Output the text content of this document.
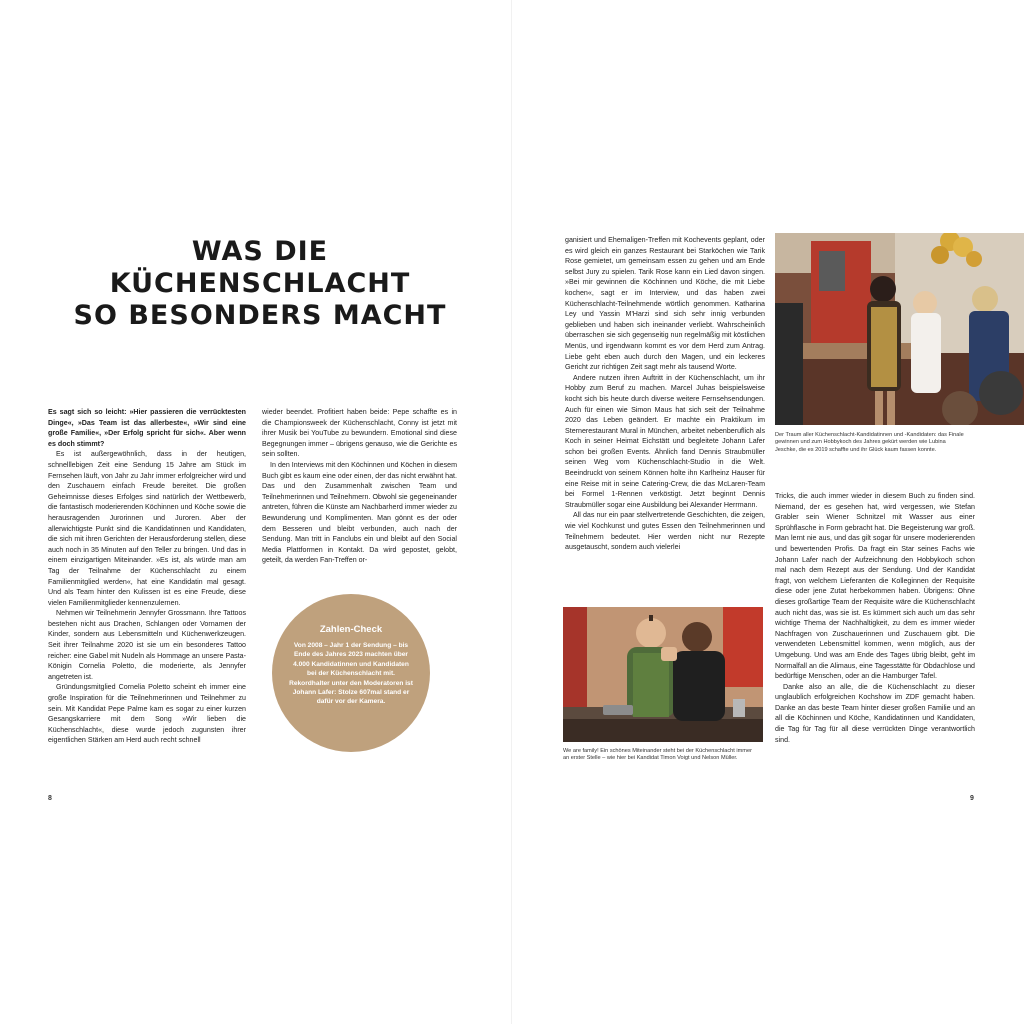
WAS DIE
KÜCHENSCHLACHT
SO BESONDERS MACHT

Es sagt sich so leicht: »Hier passieren die verrücktesten Dinge«, »Das Team ist das allerbeste«, »Wir sind eine große Familie«, »Der Erfolg spricht für sich«. Aber wenn es doch stimmt?

Es ist außergewöhnlich, dass in der heutigen, schnelllebigen Zeit eine Sendung 15 Jahre am Stück im Fernsehen läuft, von Jahr zu Jahr immer erfolgreicher wird und den Zuschauern einfach Freude bereitet. Die großen Geheimnisse dieses Erfolges sind natürlich der Wettbewerb, die fantastisch moderierenden Köchinnen und Köche sowie die herausragenden Jurorinnen und Juroren. Aber der allerwichtigste Punkt sind die Kandidatinnen und Kandidaten, die sich mit ihren Gerichten der Herausforderung stellen, diese auch noch in 35 Minuten auf den Teller zu bringen. Und das in einem einzigartigen Miteinander. »Es ist, als würde man am Tag der Teilnahme der Küchenschlacht zu einem Familienmitglied werden«, hat eine Kandidatin mal gesagt. Und als Team hinter den Kulissen ist es eine Freude, diese vielen Familienmitglieder kennenzulernen.

Nehmen wir Teilnehmerin Jennyfer Grossmann. Ihre Tattoos bestehen nicht aus Drachen, Schlangen oder Vornamen der Kinder, sondern aus Lebensmitteln und Küchenwerkzeugen. Seit ihrer Teilnahme 2020 ist sie um ein besonderes Tattoo reicher: eine Gabel mit Nudeln als Hommage an unsere Pasta-Königin Cornelia Poletto, die moderierte, als Jennyfer angetreten ist.

Gründungsmitglied Cornelia Poletto scheint eh immer eine große Inspiration für die Teilnehmerinnen und Teilnehmer zu sein. Mit Kandidat Pepe Palme kam es sogar zu einer kurzen Gesangskarriere mit dem Song »Wir lieben die Küchenschlacht«, diese wurde jedoch zugunsten ihrer eigentlichen Stärken am Herd auch recht schnell

wieder beendet. Profitiert haben beide: Pepe schaffte es in die Championsweek der Küchenschlacht, Conny ist jetzt mit ihrer Musik bei YouTube zu bewundern. Emotional sind diese Begegnungen immer – übrigens genauso, wie die Gerichte es sein sollten.

In den Interviews mit den Köchinnen und Köchen in diesem Buch gibt es kaum eine oder einen, der das nicht erwähnt hat. Das und den Zusammenhalt zwischen Team und Teilnehmerinnen und Teilnehmern. Obwohl sie gegeneinander antreten, führen die Künste am Nachbarherd immer wieder zu Bewunderung und Komplimenten. Man gönnt es der oder dem Besseren und bleibt verbunden, auch nach der Sendung. Man tritt in Fanclubs ein und bleibt auf den Social Media Plattformen in Kontakt. Da wird gepostet, gelobt, geteilt, da werden Fan-Treffen or-

Zahlen-Check
Von 2008 – Jahr 1 der Sendung – bis Ende des Jahres 2023 machten über 4.000 Kandidatinnen und Kandidaten bei der Küchenschlacht mit. Rekordhalter unter den Moderatoren ist Johann Lafer: Stolze 607mal stand er dafür vor der Kamera.
8

ganisiert und Ehemaligen-Treffen mit Kochevents geplant, oder es wird gleich ein ganzes Restaurant bei Starköchen wie Tarik Rose gemietet, um gemeinsam essen zu gehen und am Ende selbst Jury zu spielen. Tarik Rose kann ein Lied davon singen. »Bei mir gewinnen die Köchinnen und Köche, die mit Liebe kochen«, sagt er im Interview, und das haben zwei Küchenschlacht-Teilnehmende wörtlich genommen. Katharina Ley und Yassin M'Harzi sind sich sehr innig verbunden geblieben und haben sich ineinander verliebt. Wahrscheinlich überraschen sie sich gegenseitig nun regelmäßig mit köstlichen Menüs, und irgendwann kommt es vor dem Herd zum Antrag. Liebe geht eben auch durch den Magen, und ein leckeres Gericht zur richtigen Zeit sagt mehr als tausend Worte.

Andere nutzen ihren Auftritt in der Küchenschlacht, um ihr Hobby zum Beruf zu machen. Marcel Juhas beispielsweise kocht sich bis heute durch diverse weitere Fernsehsendungen. Auch für einen wie Simon Maus hat sich seit der Teilnahme 2020 das Leben geändert. Er machte ein Praktikum im Sternerestaurant Mural in München, arbeitet nebenberuflich als Koch in seiner Heimat Eichstätt und begleitete Johann Lafer schon bei großen Events. Ähnlich fand Dennis Straubmüller seinen Weg vom Küchenschlacht-Studio in die Welt. Beeindruckt von seinem Können holte ihn Karlheinz Hauser für eine Reise mit in seine Catering-Crew, die das McLaren-Team bei Formel 1-Rennen verköstigt. Jetzt beginnt Dennis Straubmüller sogar eine Ausbildung bei Alexander Herrmann.

All das nur ein paar stellvertretende Geschichten, die zeigen, wie viel Kochkunst und gutes Essen den Teilnehmerinnen und Teilnehmern bedeutet. Hier werden nicht nur Rezepte ausgetauscht, sondern auch vielerlei

Der Traum aller Küchenschlacht-Kandidatinnen und -Kandidaten: das Finale gewinnen und zum Hobbykoch des Jahres gekürt werden wie Lubina Jeschke, die es 2019 schaffte und ihr Glück kaum fassen konnte.
We are family! Ein schönes Miteinander steht bei der Küchenschlacht immer an erster Stelle – wie hier bei Kandidat Timon Voigt und Nelson Müller.

Tricks, die auch immer wieder in diesem Buch zu finden sind. Niemand, der es gesehen hat, wird vergessen, wie Stefan Grabler sein Wiener Schnitzel mit Wasser aus einer Sprühflasche in Form gebracht hat. Die Begeisterung war groß. Man lernt nie aus, und das gilt sogar für unsere moderierenden und bewertenden Profis. Da fragt ein Star seines Fachs wie Johann Lafer nach der Aufzeichnung den Hobbykoch schon mal nach dem Rezept aus der Sendung. Und der Kandidat fragt, von welchem Lieferanten die Kolleginnen der Requisite diese oder jene Zutat herbekommen haben. Übrigens: Ohne dieses großartige Team der Requisite wäre die Küchenschlacht auch nicht das, was sie ist. Es kümmert sich auch um das sehr wichtige Thema der Nachhaltigkeit, zu dem es immer wieder Nachfragen von Zuschauerinnen und Zuschauern gibt. Die verwendeten Lebensmittel kommen, wenn möglich, aus der Umgebung. Und was am Ende des Tages übrig bleibt, geht im Normalfall an die Alimaus, eine Tagesstätte für Obdachlose und bedürftige Menschen, oder an die Hamburger Tafel.

Danke also an alle, die die Küchenschlacht zu dieser unglaublich erfolgreichen Kochshow im ZDF gemacht haben. Danke an das beste Team hinter dieser großen Familie und an all die Köchinnen und Köche, Kandidatinnen und Kandidaten, die Tag für Tag für all diese verrückten Dinge verantwortlich sind.

9
